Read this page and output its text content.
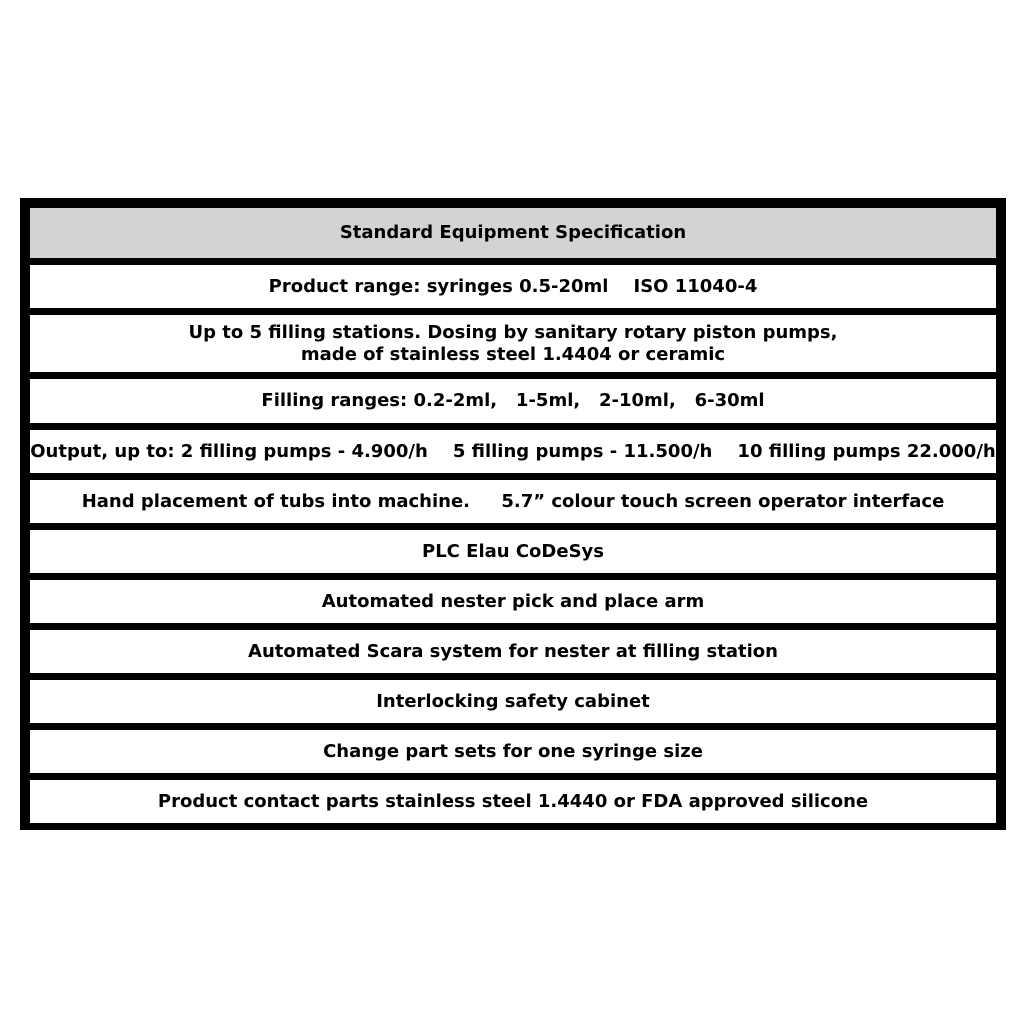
Standard Equipment Specification
Product range: syringes 0.5-20ml    ISO 11040-4
Up to 5 filling stations. Dosing by sanitary rotary piston pumps,
made of stainless steel 1.4404 or ceramic
Filling ranges: 0.2-2ml,   1-5ml,   2-10ml,   6-30ml
Output, up to: 2 filling pumps - 4.900/h    5 filling pumps - 11.500/h    10 filling pumps 22.000/h
Hand placement of tubs into machine.     5.7” colour touch screen operator interface
PLC Elau CoDeSys
Automated nester pick and place arm
Automated Scara system for nester at filling station
Interlocking safety cabinet
Change part sets for one syringe size
Product contact parts stainless steel 1.4440 or FDA approved silicone
